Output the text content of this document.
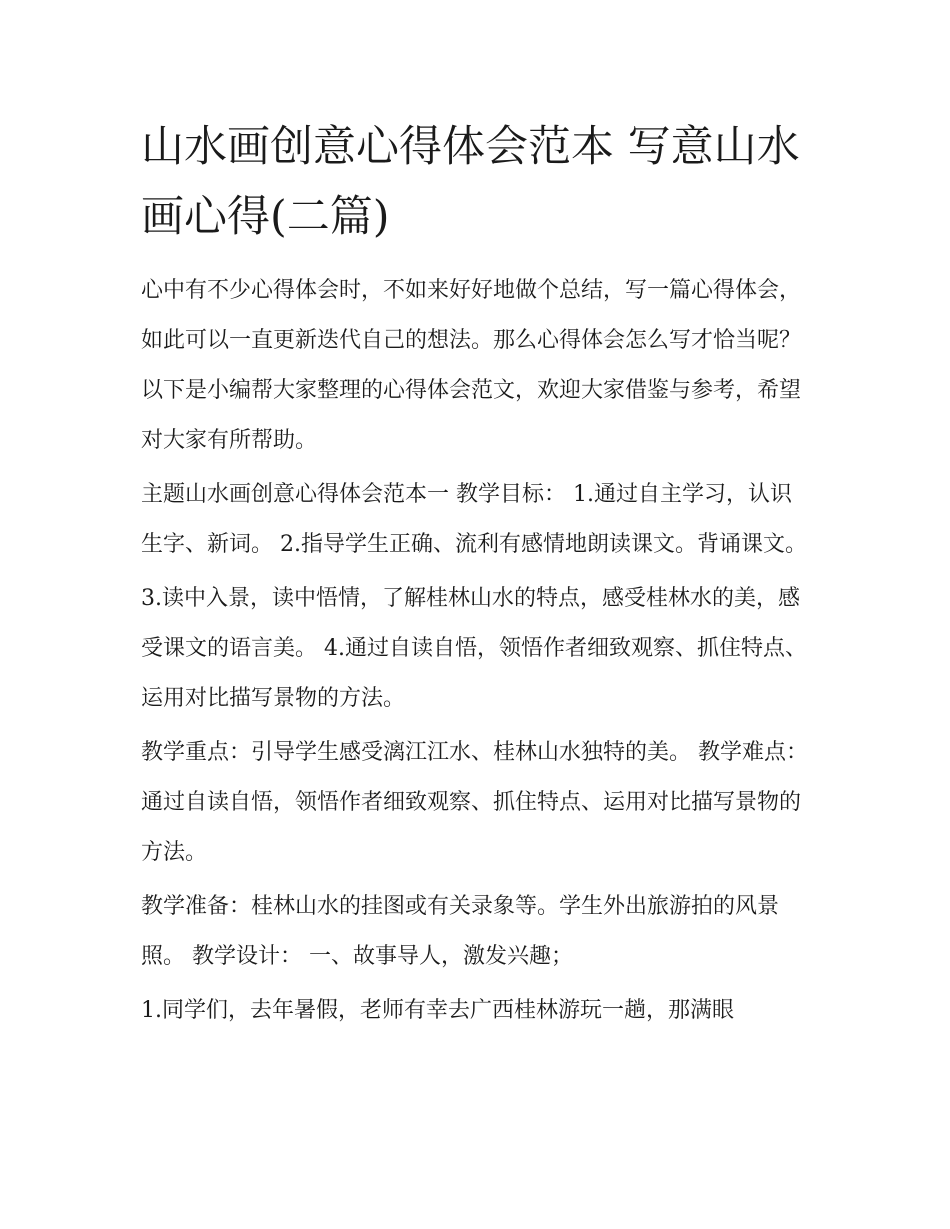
山水画创意心得体会范本 写意山水画心得(二篇)

心中有不少心得体会时，不如来好好地做个总结，写一篇心得体会，如此可以一直更新迭代自己的想法。那么心得体会怎么写才恰当呢？以下是小编帮大家整理的心得体会范文，欢迎大家借鉴与参考，希望对大家有所帮助。

主题山水画创意心得体会范本一 教学目标： 1.通过自主学习，认识生字、新词。 2.指导学生正确、流利有感情地朗读课文。背诵课文。

3.读中入景，读中悟情，了解桂林山水的特点，感受桂林水的美，感受课文的语言美。 4.通过自读自悟，领悟作者细致观察、抓住特点、运用对比描写景物的方法。

教学重点：引导学生感受漓江江水、桂林山水独特的美。 教学难点：通过自读自悟，领悟作者细致观察、抓住特点、运用对比描写景物的方法。

教学准备：桂林山水的挂图或有关录象等。学生外出旅游拍的风景照。 教学设计： 一、故事导人，激发兴趣；

1.同学们，去年暑假，老师有幸去广西桂林游玩一趟，那满眼
